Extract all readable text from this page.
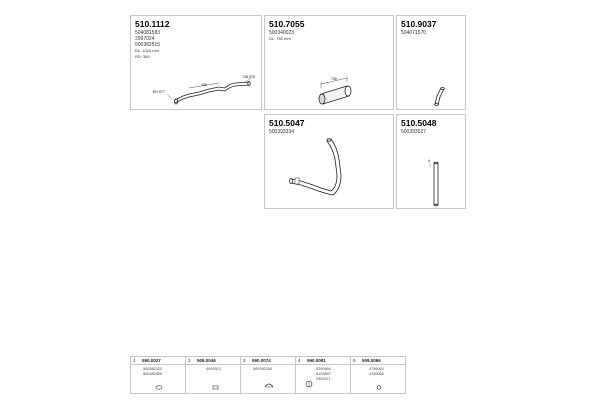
510.1112
504081583
2997024
500382515
DL: 1020 mm
RD: 380
EH 077
OD 070
105
510.7055
500340023
DL: 750 mm
730
510.9037
504071570
510.5047
500393334
510.5048
500393527
4
1 590.0027
500382322
500382855
2 509.0046
4093313
3 590.0074
500392260
4 590.0081
0290484
8153897
0393371
5 509.0066
4756063
4756066
